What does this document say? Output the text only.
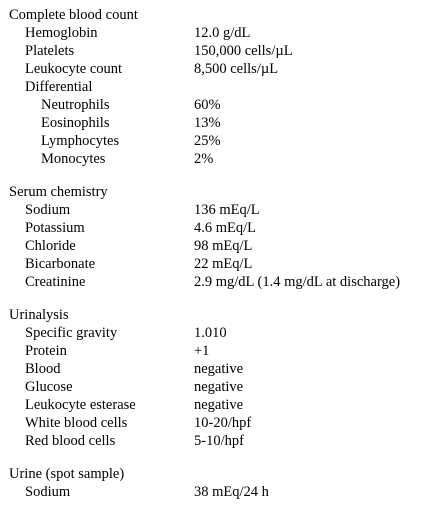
Complete blood count
Hemoglobin	12.0 g/dL
Platelets	150,000 cells/µL
Leukocyte count	8,500 cells/µL
Differential
Neutrophils	60%
Eosinophils	13%
Lymphocytes	25%
Monocytes	2%
Serum chemistry
Sodium	136 mEq/L
Potassium	4.6 mEq/L
Chloride	98 mEq/L
Bicarbonate	22 mEq/L
Creatinine	2.9 mg/dL (1.4 mg/dL at discharge)
Urinalysis
Specific gravity	1.010
Protein	+1
Blood	negative
Glucose	negative
Leukocyte esterase	negative
White blood cells	10-20/hpf
Red blood cells	5-10/hpf
Urine (spot sample)
Sodium	38 mEq/24 h
